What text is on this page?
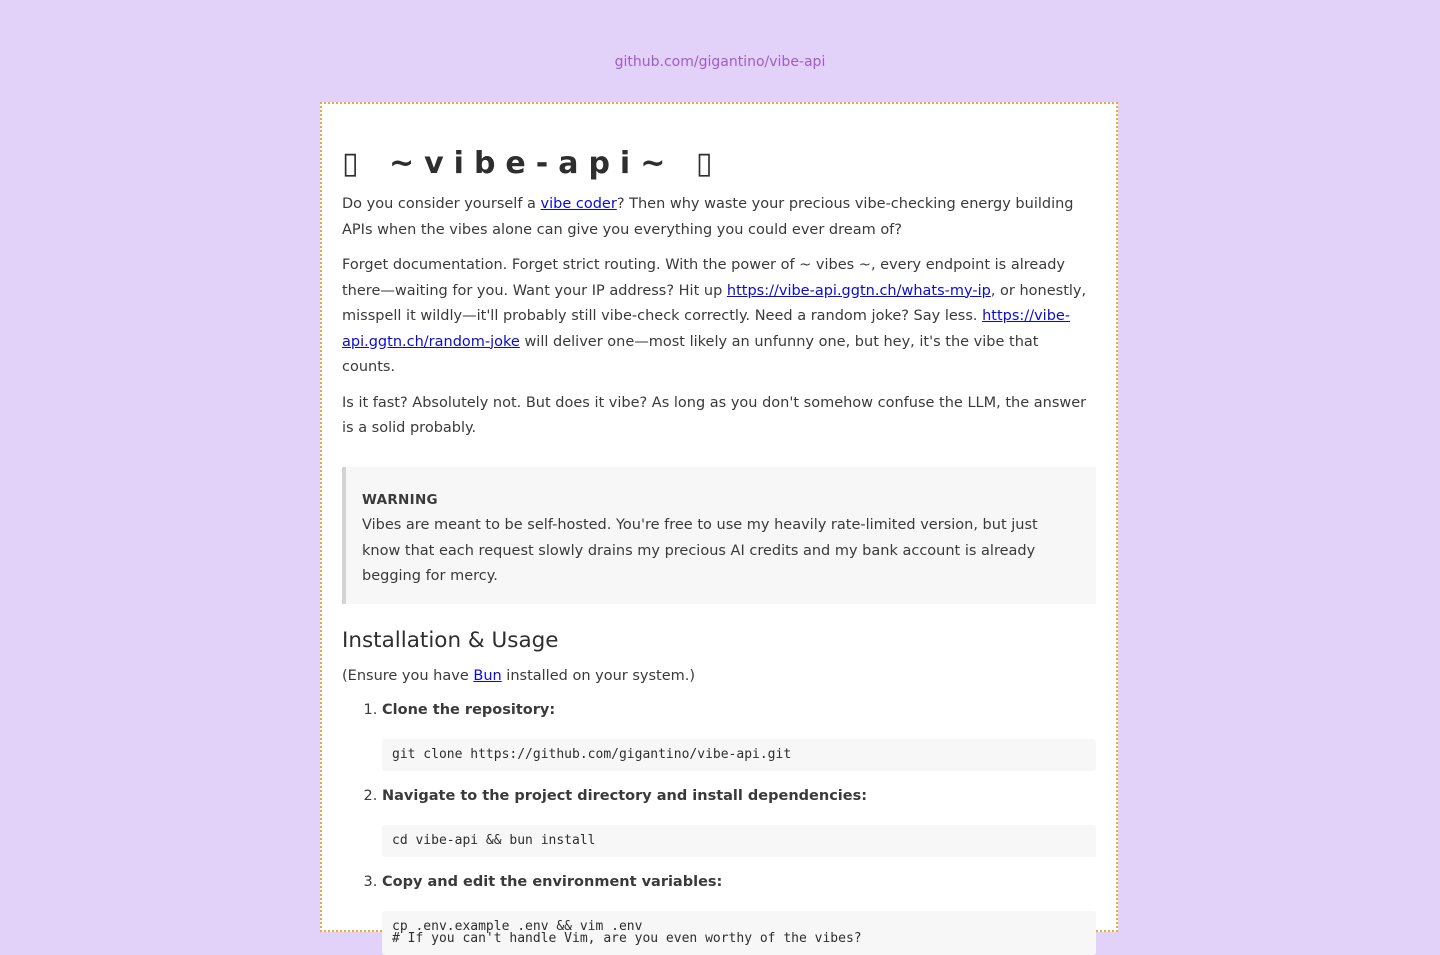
github.com/gigantino/vibe-api
▯ ~vibe-api~ ▯

Do you consider yourself a vibe coder? Then why waste your precious vibe-checking energy building APIs when the vibes alone can give you everything you could ever dream of?

Forget documentation. Forget strict routing. With the power of ~ vibes ~, every endpoint is already there—waiting for you. Want your IP address? Hit up https://vibe-api.ggtn.ch/whats-my-ip, or honestly, misspell it wildly—it'll probably still vibe-check correctly. Need a random joke? Say less. https://vibe-api.ggtn.ch/random-joke will deliver one—most likely an unfunny one, but hey, it's the vibe that counts.

Is it fast? Absolutely not. But does it vibe? As long as you don't somehow confuse the LLM, the answer is a solid probably.

WARNING
Vibes are meant to be self-hosted. You're free to use my heavily rate-limited version, but just know that each request slowly drains my precious AI credits and my bank account is already begging for mercy.
Installation & Usage

(Ensure you have Bun installed on your system.)

1. Clone the repository:
git clone https://github.com/gigantino/vibe-api.git
2. Navigate to the project directory and install dependencies:
cd vibe-api && bun install
3. Copy and edit the environment variables:
cp .env.example .env && vim .env
# If you can't handle Vim, are you even worthy of the vibes?
